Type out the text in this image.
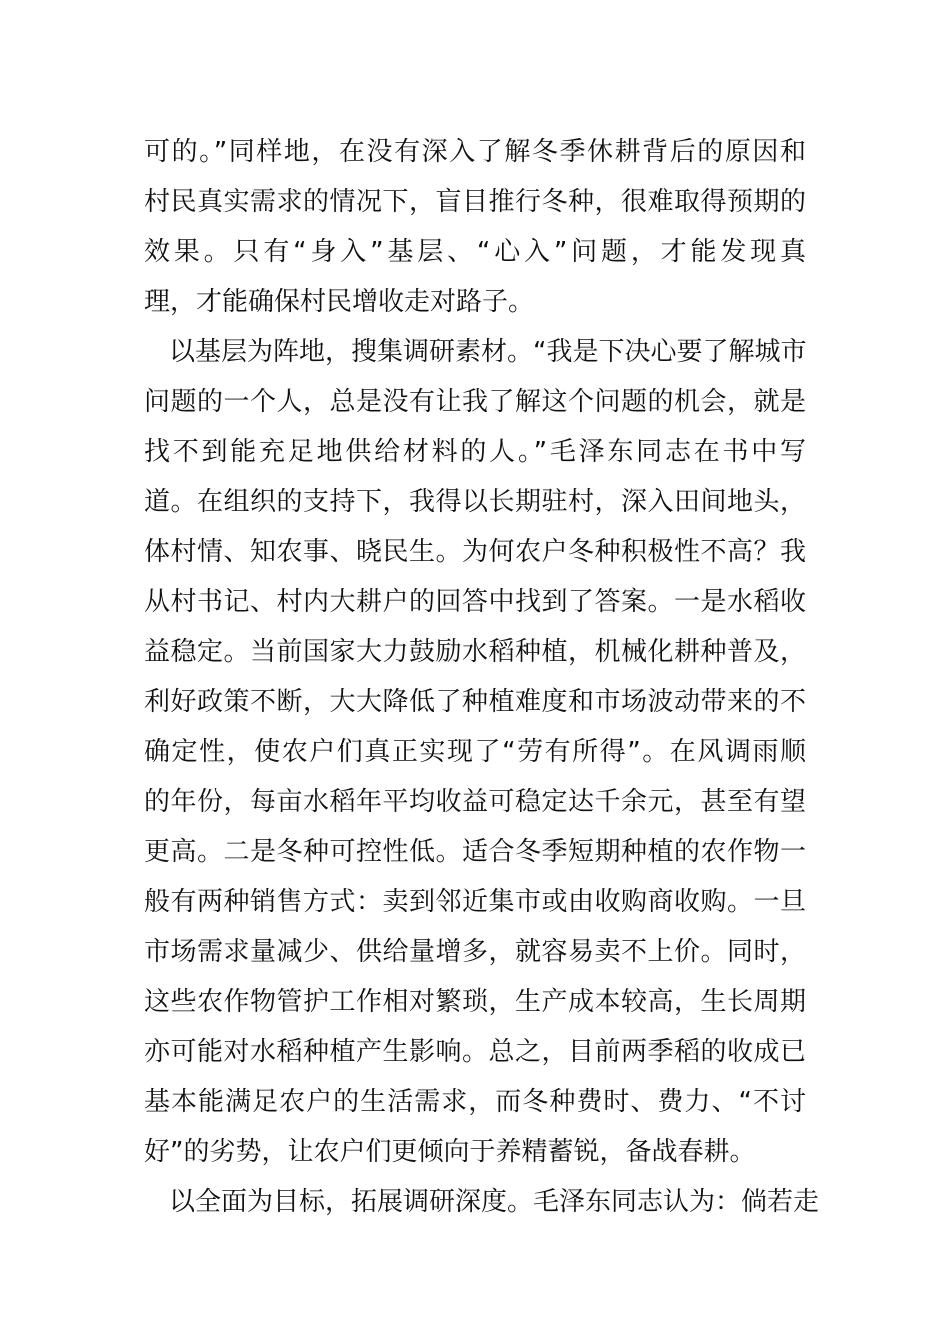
可的。”同样地，在没有深入了解冬季休耕背后的原因和
村民真实需求的情况下，盲目推行冬种，很难取得预期的
效果。只有“身入”基层、“心入”问题，才能发现真
理，才能确保村民增收走对路子。
以基层为阵地，搜集调研素材。“我是下决心要了解城市
问题的一个人，总是没有让我了解这个问题的机会，就是
找不到能充足地供给材料的人。”毛泽东同志在书中写
道。在组织的支持下，我得以长期驻村，深入田间地头，
体村情、知农事、晓民生。为何农户冬种积极性不高？我
从村书记、村内大耕户的回答中找到了答案。一是水稻收
益稳定。当前国家大力鼓励水稻种植，机械化耕种普及，
利好政策不断，大大降低了种植难度和市场波动带来的不
确定性，使农户们真正实现了“劳有所得”。在风调雨顺
的年份，每亩水稻年平均收益可稳定达千余元，甚至有望
更高。二是冬种可控性低。适合冬季短期种植的农作物一
般有两种销售方式：卖到邻近集市或由收购商收购。一旦
市场需求量减少、供给量增多，就容易卖不上价。同时，
这些农作物管护工作相对繁琐，生产成本较高，生长周期
亦可能对水稻种植产生影响。总之，目前两季稻的收成已
基本能满足农户的生活需求，而冬种费时、费力、“不讨
好”的劣势，让农户们更倾向于养精蓄锐，备战春耕。
以全面为目标，拓展调研深度。毛泽东同志认为：倘若走
